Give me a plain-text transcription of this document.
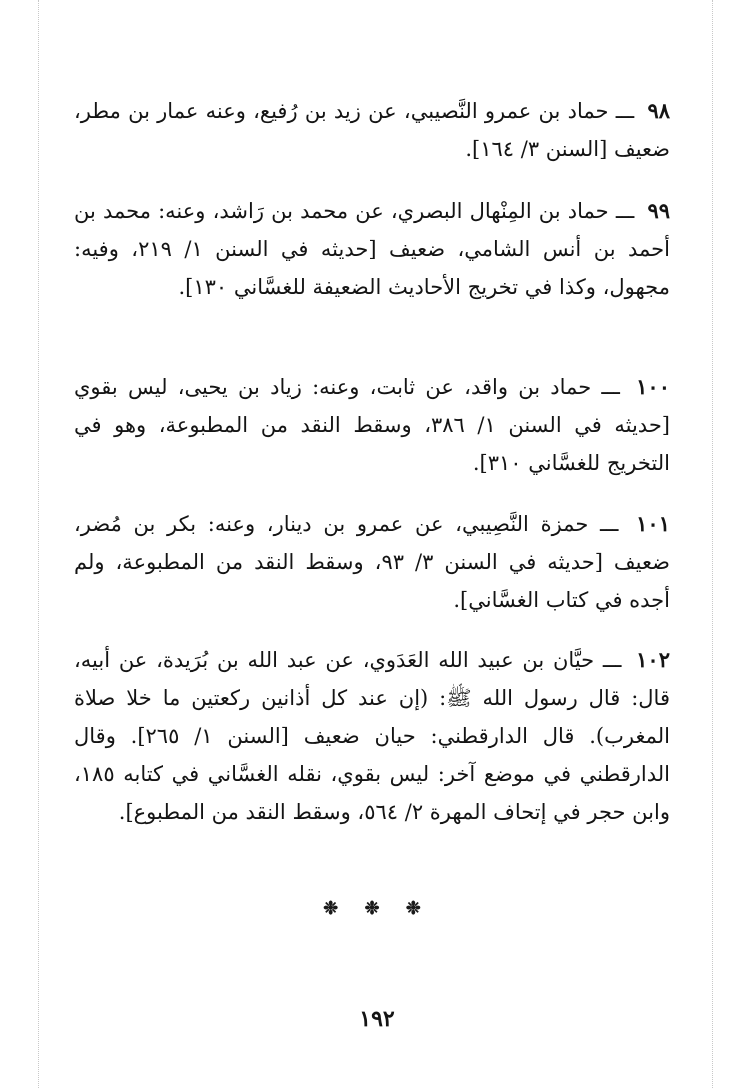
٩٨ ـــ حماد بن عمرو النَّصيبي، عن زيد بن رُفيع، وعنه عمار بن مطر، ضعيف [السنن ٣/ ١٦٤].

٩٩ ـــ حماد بن المِنْهال البصري، عن محمد بن رَاشد، وعنه: محمد بن أحمد بن أنس الشامي، ضعيف [حديثه في السنن ١/ ٢١٩، وفيه: مجهول، وكذا في تخريج الأحاديث الضعيفة للغسَّاني ١٣٠].

١٠٠ ـــ حماد بن واقد، عن ثابت، وعنه: زياد بن يحيى، ليس بقوي [حديثه في السنن ١/ ٣٨٦، وسقط النقد من المطبوعة، وهو في التخريج للغسَّاني ٣١٠].

١٠١ ـــ حمزة النَّصِيبي، عن عمرو بن دينار، وعنه: بكر بن مُضر، ضعيف [حديثه في السنن ٣/ ٩٣، وسقط النقد من المطبوعة، ولم أجده في كتاب الغسَّاني].

١٠٢ ـــ حيَّان بن عبيد الله العَدَوي، عن عبد الله بن بُرَيدة، عن أبيه، قال: قال رسول الله ﷺ: (إن عند كل أذانين ركعتين ما خلا صلاة المغرب). قال الدارقطني: حيان ضعيف [السنن ١/ ٢٦٥]. وقال الدارقطني في موضع آخر: ليس بقوي، نقله الغسَّاني في كتابه ١٨٥، وابن حجر في إتحاف المهرة ٢/ ٥٦٤، وسقط النقد من المطبوع].

❉ ❉ ❉
١٩٢
